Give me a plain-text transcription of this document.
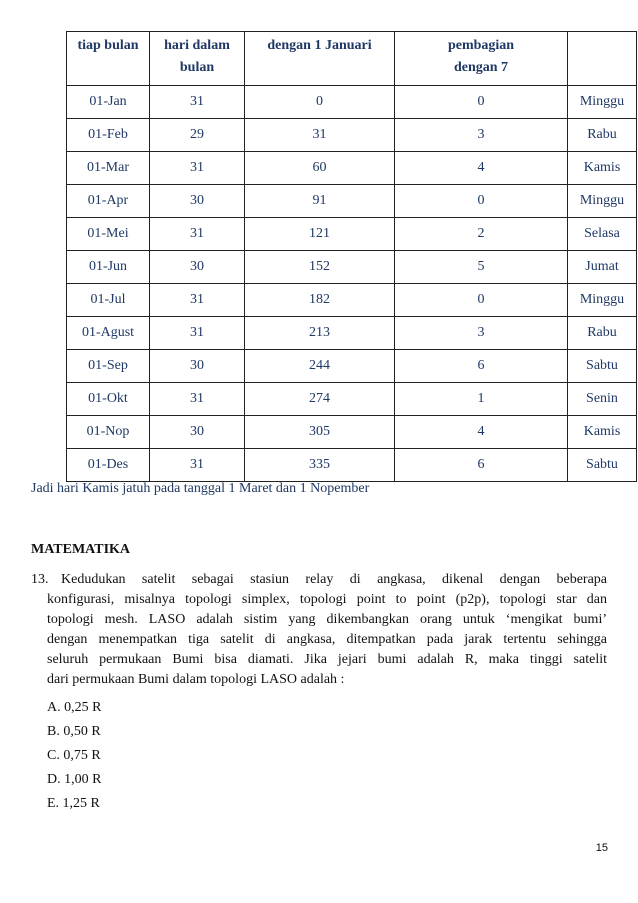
tiap bulan	hari dalam bulan	dengan 1 Januari	pembagian dengan 7	

01-Jan	31	0	0	Minggu
01-Feb	29	31	3	Rabu
01-Mar	31	60	4	Kamis
01-Apr	30	91	0	Minggu
01-Mei	31	121	2	Selasa
01-Jun	30	152	5	Jumat
01-Jul	31	182	0	Minggu
01-Agust	31	213	3	Rabu
01-Sep	30	244	6	Sabtu
01-Okt	31	274	1	Senin
01-Nop	30	305	4	Kamis
01-Des	31	335	6	Sabtu
Jadi hari Kamis jatuh pada tanggal 1 Maret dan 1 Nopember
MATEMATIKA
13. Kedudukan satelit sebagai stasiun relay di angkasa, dikenal dengan beberapa

konfigurasi, misalnya topologi simplex, topologi point to point (p2p), topologi star dan

topologi mesh. LASO adalah sistim yang dikembangkan orang untuk ‘mengikat bumi’

dengan menempatkan tiga satelit di angkasa, ditempatkan pada jarak tertentu sehingga

seluruh permukaan Bumi bisa diamati. Jika jejari bumi adalah R, maka tinggi satelit

dari permukaan Bumi dalam topologi LASO adalah :

A. 0,25 R
B. 0,50 R
C. 0,75 R
D. 1,00 R
E. 1,25 R
15
